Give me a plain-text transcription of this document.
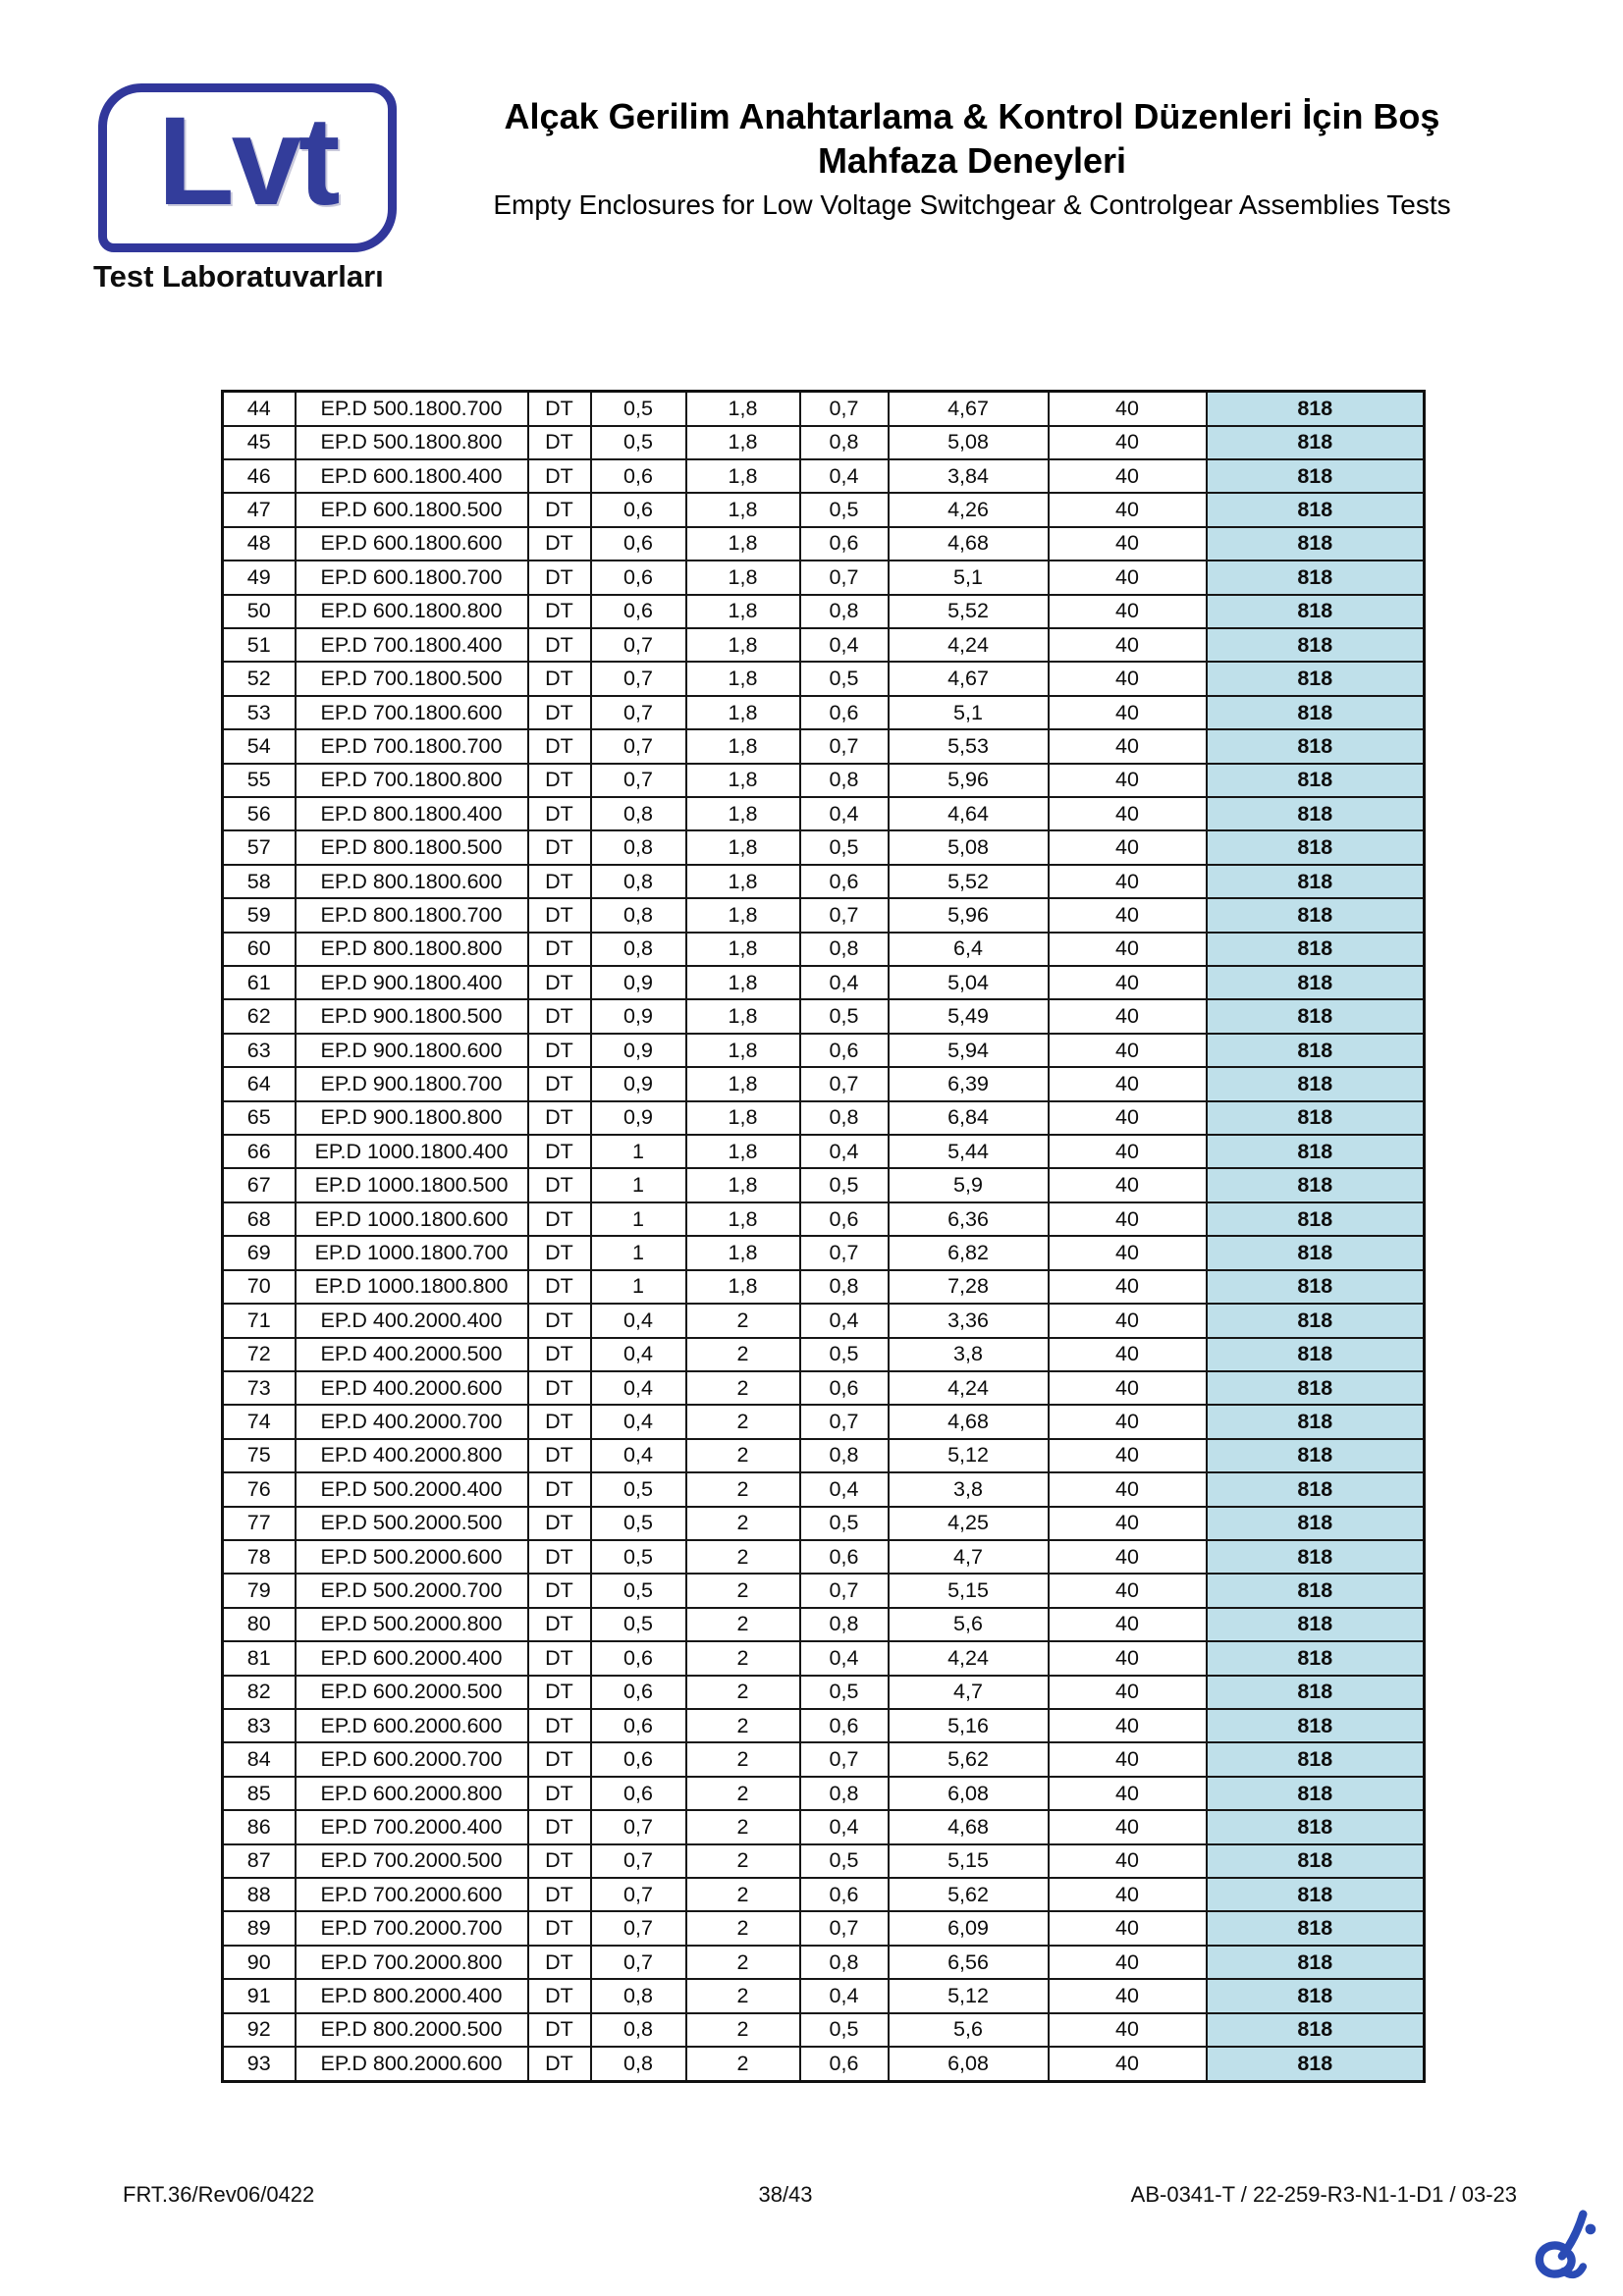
Lvt
Test Laboratuvarları
Alçak Gerilim Anahtarlama & Kontrol Düzenleri İçin Boş
Mahfaza Deneyleri
Empty Enclosures for Low Voltage Switchgear & Controlgear Assemblies Tests
44	EP.D 500.1800.700	DT	0,5	1,8	0,7	4,67	40	818
45	EP.D 500.1800.800	DT	0,5	1,8	0,8	5,08	40	818
46	EP.D 600.1800.400	DT	0,6	1,8	0,4	3,84	40	818
47	EP.D 600.1800.500	DT	0,6	1,8	0,5	4,26	40	818
48	EP.D 600.1800.600	DT	0,6	1,8	0,6	4,68	40	818
49	EP.D 600.1800.700	DT	0,6	1,8	0,7	5,1	40	818
50	EP.D 600.1800.800	DT	0,6	1,8	0,8	5,52	40	818
51	EP.D 700.1800.400	DT	0,7	1,8	0,4	4,24	40	818
52	EP.D 700.1800.500	DT	0,7	1,8	0,5	4,67	40	818
53	EP.D 700.1800.600	DT	0,7	1,8	0,6	5,1	40	818
54	EP.D 700.1800.700	DT	0,7	1,8	0,7	5,53	40	818
55	EP.D 700.1800.800	DT	0,7	1,8	0,8	5,96	40	818
56	EP.D 800.1800.400	DT	0,8	1,8	0,4	4,64	40	818
57	EP.D 800.1800.500	DT	0,8	1,8	0,5	5,08	40	818
58	EP.D 800.1800.600	DT	0,8	1,8	0,6	5,52	40	818
59	EP.D 800.1800.700	DT	0,8	1,8	0,7	5,96	40	818
60	EP.D 800.1800.800	DT	0,8	1,8	0,8	6,4	40	818
61	EP.D 900.1800.400	DT	0,9	1,8	0,4	5,04	40	818
62	EP.D 900.1800.500	DT	0,9	1,8	0,5	5,49	40	818
63	EP.D 900.1800.600	DT	0,9	1,8	0,6	5,94	40	818
64	EP.D 900.1800.700	DT	0,9	1,8	0,7	6,39	40	818
65	EP.D 900.1800.800	DT	0,9	1,8	0,8	6,84	40	818
66	EP.D 1000.1800.400	DT	1	1,8	0,4	5,44	40	818
67	EP.D 1000.1800.500	DT	1	1,8	0,5	5,9	40	818
68	EP.D 1000.1800.600	DT	1	1,8	0,6	6,36	40	818
69	EP.D 1000.1800.700	DT	1	1,8	0,7	6,82	40	818
70	EP.D 1000.1800.800	DT	1	1,8	0,8	7,28	40	818
71	EP.D 400.2000.400	DT	0,4	2	0,4	3,36	40	818
72	EP.D 400.2000.500	DT	0,4	2	0,5	3,8	40	818
73	EP.D 400.2000.600	DT	0,4	2	0,6	4,24	40	818
74	EP.D 400.2000.700	DT	0,4	2	0,7	4,68	40	818
75	EP.D 400.2000.800	DT	0,4	2	0,8	5,12	40	818
76	EP.D 500.2000.400	DT	0,5	2	0,4	3,8	40	818
77	EP.D 500.2000.500	DT	0,5	2	0,5	4,25	40	818
78	EP.D 500.2000.600	DT	0,5	2	0,6	4,7	40	818
79	EP.D 500.2000.700	DT	0,5	2	0,7	5,15	40	818
80	EP.D 500.2000.800	DT	0,5	2	0,8	5,6	40	818
81	EP.D 600.2000.400	DT	0,6	2	0,4	4,24	40	818
82	EP.D 600.2000.500	DT	0,6	2	0,5	4,7	40	818
83	EP.D 600.2000.600	DT	0,6	2	0,6	5,16	40	818
84	EP.D 600.2000.700	DT	0,6	2	0,7	5,62	40	818
85	EP.D 600.2000.800	DT	0,6	2	0,8	6,08	40	818
86	EP.D 700.2000.400	DT	0,7	2	0,4	4,68	40	818
87	EP.D 700.2000.500	DT	0,7	2	0,5	5,15	40	818
88	EP.D 700.2000.600	DT	0,7	2	0,6	5,62	40	818
89	EP.D 700.2000.700	DT	0,7	2	0,7	6,09	40	818
90	EP.D 700.2000.800	DT	0,7	2	0,8	6,56	40	818
91	EP.D 800.2000.400	DT	0,8	2	0,4	5,12	40	818
92	EP.D 800.2000.500	DT	0,8	2	0,5	5,6	40	818
93	EP.D 800.2000.600	DT	0,8	2	0,6	6,08	40	818
FRT.36/Rev06/0422	38/43	AB-0341-T / 22-259-R3-N1-1-D1 / 03-23
